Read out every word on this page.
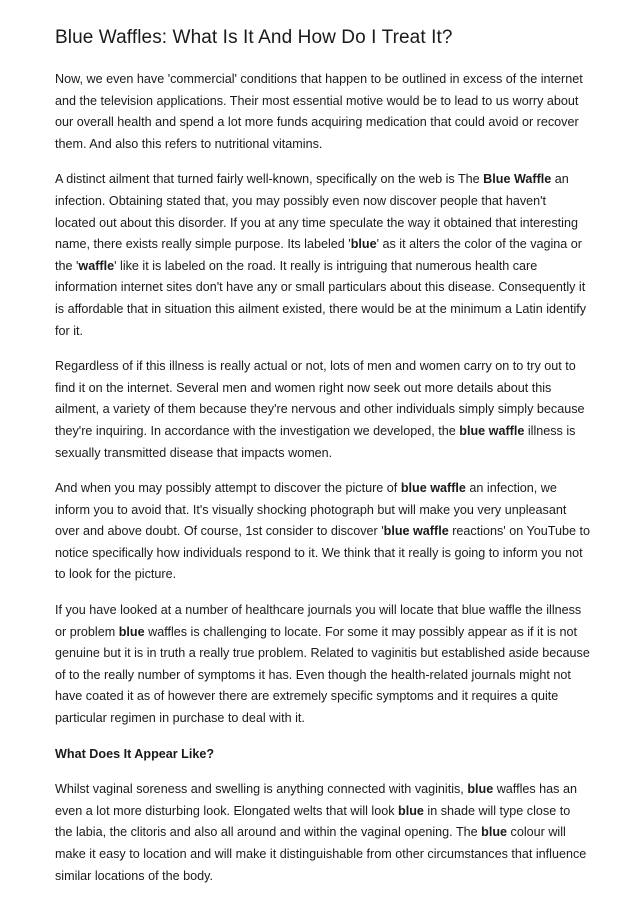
Blue Waffles: What Is It And How Do I Treat It?

Now, we even have 'commercial' conditions that happen to be outlined in excess of the internet and the television applications. Their most essential motive would be to lead to us worry about our overall health and spend a lot more funds acquiring medication that could avoid or recover them. And also this refers to nutritional vitamins.

A distinct ailment that turned fairly well-known, specifically on the web is The Blue Waffle an infection. Obtaining stated that, you may possibly even now discover people that haven't located out about this disorder. If you at any time speculate the way it obtained that interesting name, there exists really simple purpose. Its labeled 'blue' as it alters the color of the vagina or the 'waffle' like it is labeled on the road. It really is intriguing that numerous health care information internet sites don't have any or small particulars about this disease. Consequently it is affordable that in situation this ailment existed, there would be at the minimum a Latin identify for it.

Regardless of if this illness is really actual or not, lots of men and women carry on to try out to find it on the internet. Several men and women right now seek out more details about this ailment, a variety of them because they're nervous and other individuals simply simply because they're inquiring. In accordance with the investigation we developed, the blue waffle illness is sexually transmitted disease that impacts women.

And when you may possibly attempt to discover the picture of blue waffle an infection, we inform you to avoid that. It's visually shocking photograph but will make you very unpleasant over and above doubt. Of course, 1st consider to discover 'blue waffle reactions' on YouTube to notice specifically how individuals respond to it. We think that it really is going to inform you not to look for the picture.

If you have looked at a number of healthcare journals you will locate that blue waffle the illness or problem blue waffles is challenging to locate. For some it may possibly appear as if it is not genuine but it is in truth a really true problem. Related to vaginitis but established aside because of to the really number of symptoms it has. Even though the health-related journals might not have coated it as of however there are extremely specific symptoms and it requires a quite particular regimen in purchase to deal with it.

What Does It Appear Like?

Whilst vaginal soreness and swelling is anything connected with vaginitis, blue waffles has an even a lot more disturbing look. Elongated welts that will look blue in shade will type close to the labia, the clitoris and also all around and within the vaginal opening. The blue colour will make it easy to location and will make it distinguishable from other circumstances that influence similar locations of the body.
